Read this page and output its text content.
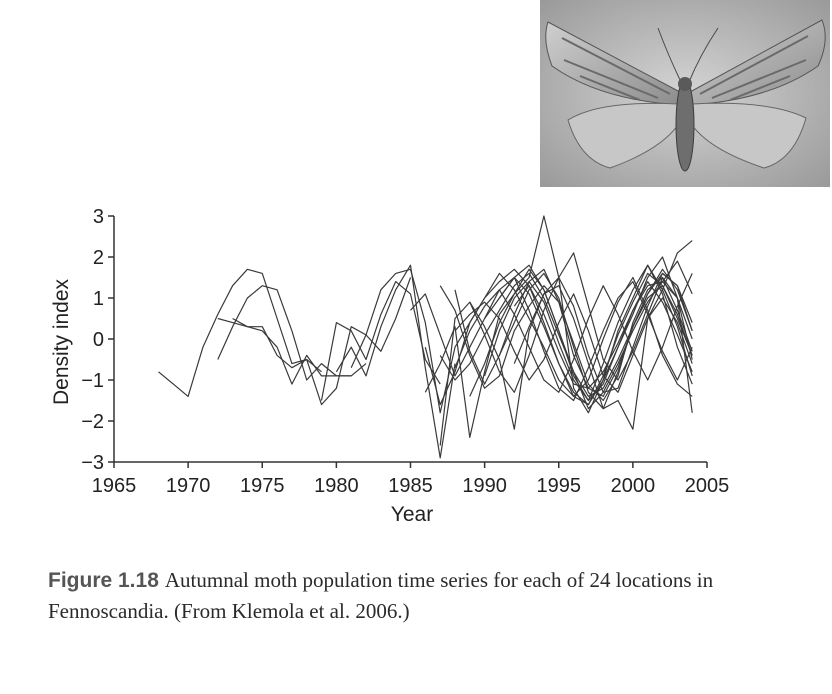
−3
−2
−1
0
1
2
3
1965 1970 1975 1980 1985 1990 1995 2000 2005
Density index
Year
Figure 1.18 Autumnal moth population time series for each of 24 locations in Fennoscandia. (From Klemola et al. 2006.)
